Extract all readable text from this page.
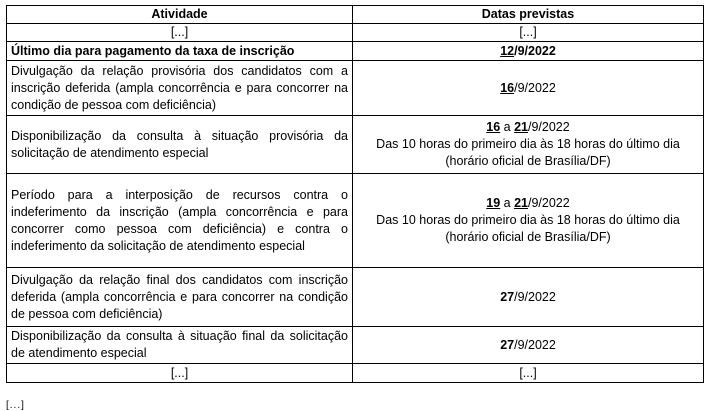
Atividade	Datas previstas
[...]	[...]
Último dia para pagamento da taxa de inscrição	12/9/2022
Divulgação da relação provisória dos candidatos com a inscrição deferida (ampla concorrência e para concorrer na condição de pessoa com deficiência)	16/9/2022
Disponibilização da consulta à situação provisória da solicitação de atendimento especial	16 a 21/9/2022
Das 10 horas do primeiro dia às 18 horas do último dia (horário oficial de Brasília/DF)

Período para a interposição de recursos contra o indeferimento da inscrição (ampla concorrência e para concorrer como pessoa com deficiência) e contra o indeferimento da solicitação de atendimento especial	19 a 21/9/2022
Das 10 horas do primeiro dia às 18 horas do último dia (horário oficial de Brasília/DF)

Divulgação da relação final dos candidatos com inscrição deferida (ampla concorrência e para concorrer na condição de pessoa com deficiência)	27/9/2022
Disponibilização da consulta à situação final da solicitação de atendimento especial	27/9/2022
[...]	[...]
[...]
